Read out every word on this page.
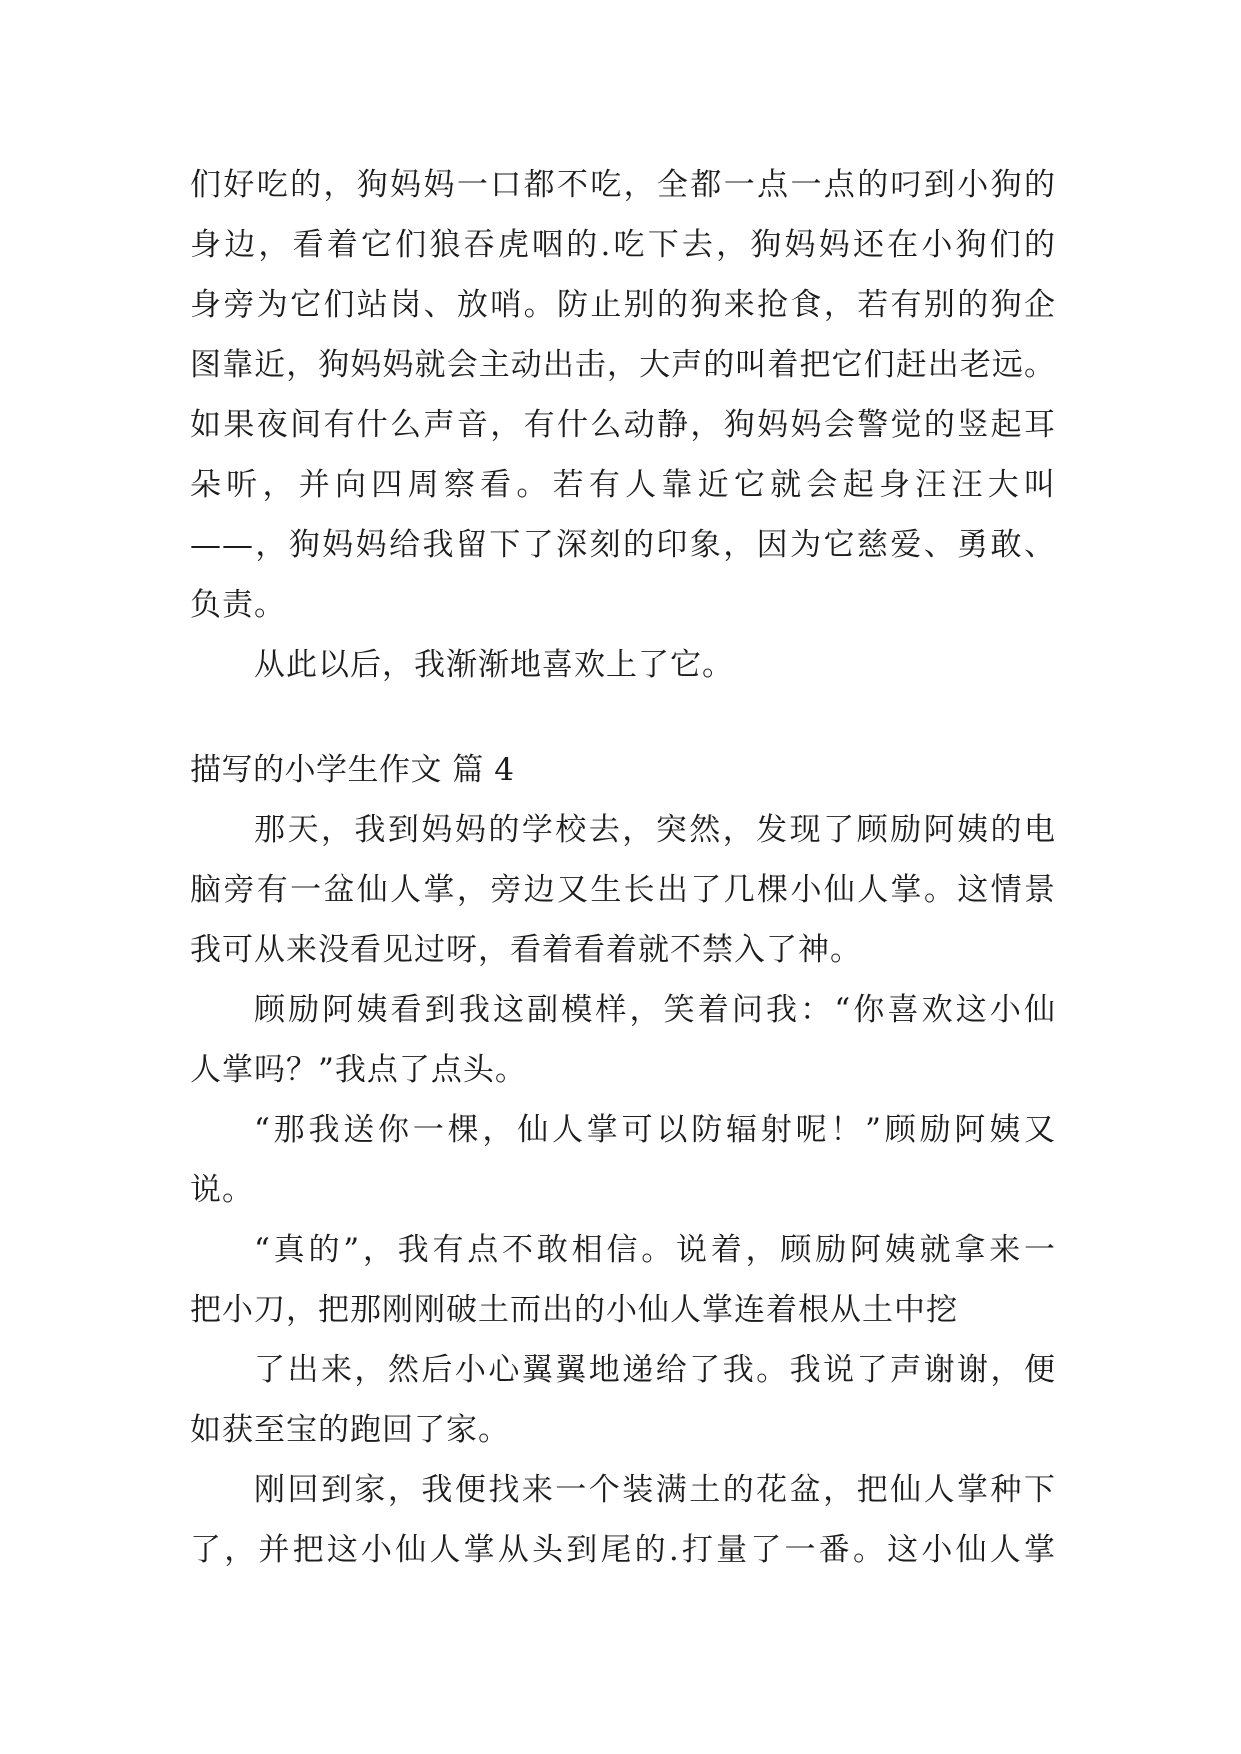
们好吃的，狗妈妈一口都不吃，全都一点一点的叼到小狗的
身边，看着它们狼吞虎咽的.吃下去，狗妈妈还在小狗们的
身旁为它们站岗、放哨。防止别的狗来抢食，若有别的狗企
图靠近，狗妈妈就会主动出击，大声的叫着把它们赶出老远。
如果夜间有什么声音，有什么动静，狗妈妈会警觉的竖起耳
朵听，并向四周察看。若有人靠近它就会起身汪汪大叫
——，狗妈妈给我留下了深刻的印象，因为它慈爱、勇敢、
负责。
从此以后，我渐渐地喜欢上了它。
描写的小学生作文 篇 4
那天，我到妈妈的学校去，突然，发现了顾励阿姨的电
脑旁有一盆仙人掌，旁边又生长出了几棵小仙人掌。这情景
我可从来没看见过呀，看着看着就不禁入了神。
顾励阿姨看到我这副模样，笑着问我：“你喜欢这小仙
人掌吗？”我点了点头。
“那我送你一棵，仙人掌可以防辐射呢！”顾励阿姨又
说。
“真的”，我有点不敢相信。说着，顾励阿姨就拿来一
把小刀，把那刚刚破土而出的小仙人掌连着根从土中挖
了出来，然后小心翼翼地递给了我。我说了声谢谢，便
如获至宝的跑回了家。
刚回到家，我便找来一个装满土的花盆，把仙人掌种下
了，并把这小仙人掌从头到尾的.打量了一番。这小仙人掌
